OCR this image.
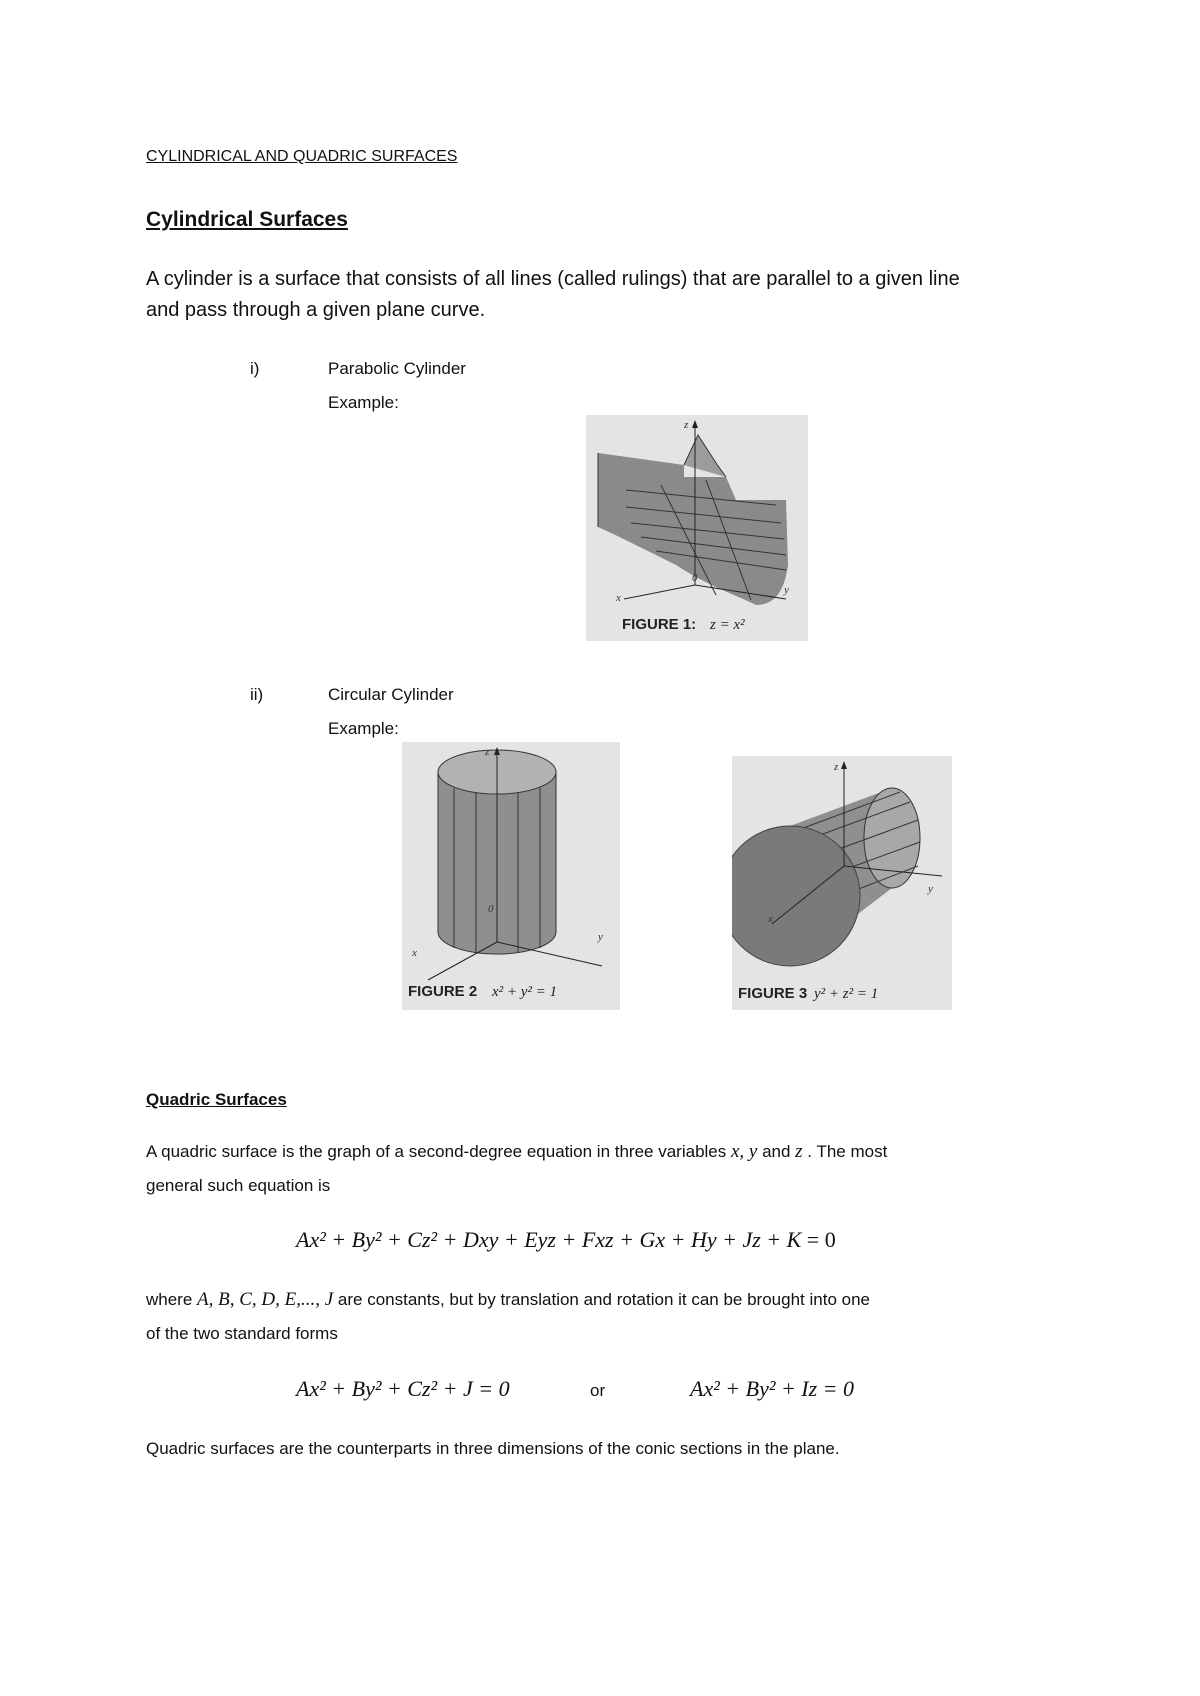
CYLINDRICAL AND QUADRIC SURFACES
Cylindrical Surfaces
A cylinder is a surface that consists of all lines (called rulings) that are parallel to a given line
and pass through a given plane curve.
i)	Parabolic Cylinder
Example:
z
x
y
0
FIGURE 1: z = x²
ii)	Circular Cylinder
Example:
z
x
y
0
FIGURE 2 x² + y² = 1
z
y
x
FIGURE 3 y² + z² = 1
Quadric Surfaces
A quadric surface is the graph of a second-degree equation in three variables x, y and z . The most
general such equation is
Ax² + By² + Cz² + Dxy + Eyz + Fxz + Gx + Hy + Jz + K = 0
where A, B, C, D, E,..., J are constants, but by translation and rotation it can be brought into one
of the two standard forms
Ax² + By² + Cz² + J = 0	or	Ax² + By² + Iz = 0
Quadric surfaces are the counterparts in three dimensions of the conic sections in the plane.
